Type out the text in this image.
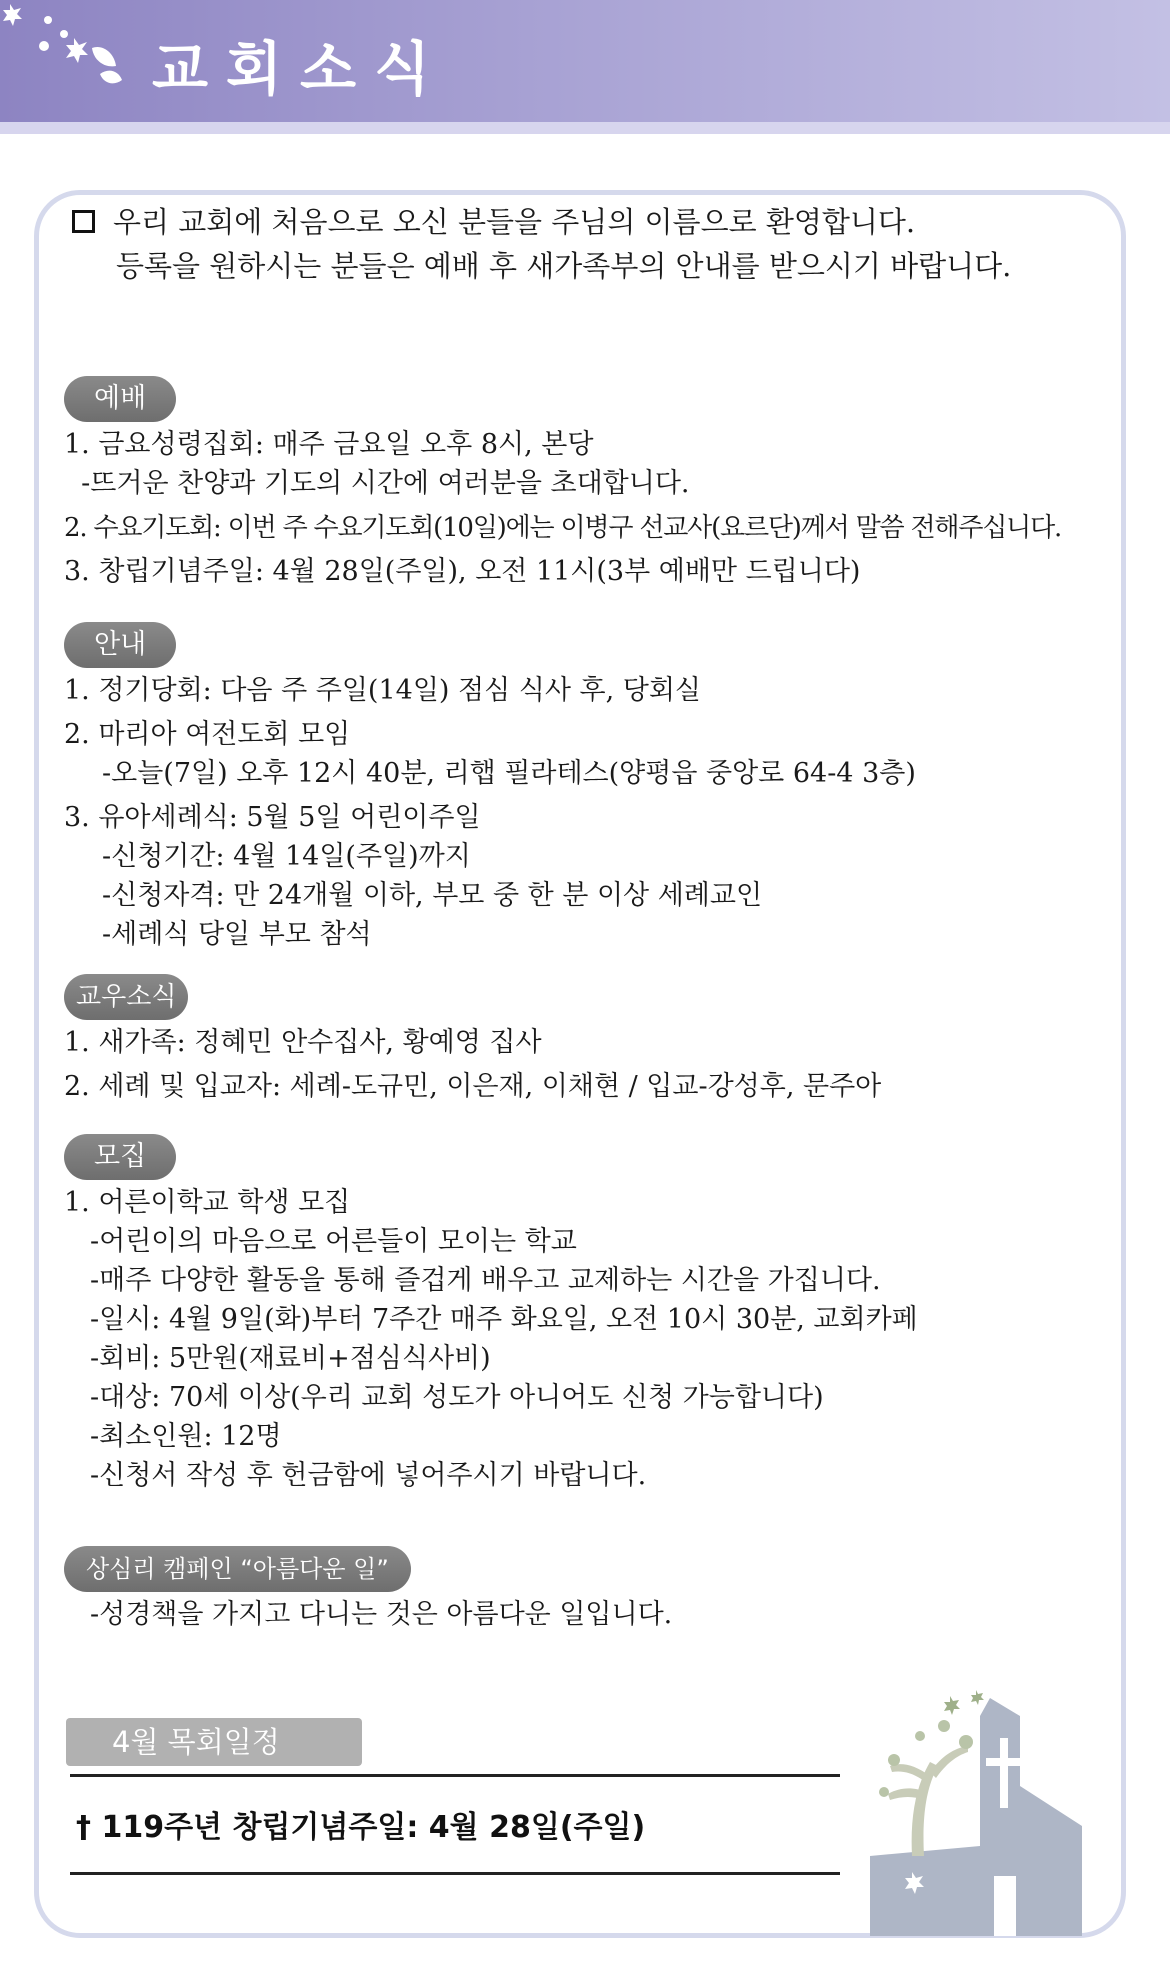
교회소식
우리 교회에 처음으로 오신 분들을 주님의 이름으로 환영합니다.
등록을 원하시는 분들은 예배 후 새가족부의 안내를 받으시기 바랍니다.
예배
1. 금요성령집회: 매주 금요일 오후 8시, 본당
-뜨거운 찬양과 기도의 시간에 여러분을 초대합니다.
2. 수요기도회: 이번 주 수요기도회(10일)에는 이병구 선교사(요르단)께서 말씀 전해주십니다.
3. 창립기념주일: 4월 28일(주일), 오전 11시(3부 예배만 드립니다)
안내
1. 정기당회: 다음 주 주일(14일) 점심 식사 후, 당회실
2. 마리아 여전도회 모임
-오늘(7일) 오후 12시 40분, 리햅 필라테스(양평읍 중앙로 64-4 3층)
3. 유아세례식: 5월 5일 어린이주일
-신청기간: 4월 14일(주일)까지
-신청자격: 만 24개월 이하, 부모 중 한 분 이상 세례교인
-세례식 당일 부모 참석
교우소식
1. 새가족: 정혜민 안수집사, 황예영 집사
2. 세례 및 입교자: 세례-도규민, 이은재, 이채현 / 입교-강성후, 문주아
모집
1. 어른이학교 학생 모집
-어린이의 마음으로 어른들이 모이는 학교
-매주 다양한 활동을 통해 즐겁게 배우고 교제하는 시간을 가집니다.
-일시: 4월 9일(화)부터 7주간 매주 화요일, 오전 10시 30분, 교회카페
-회비: 5만원(재료비+점심식사비)
-대상: 70세 이상(우리 교회 성도가 아니어도 신청 가능합니다)
-최소인원: 12명
-신청서 작성 후 헌금함에 넣어주시기 바랍니다.
상심리 캠페인 “아름다운 일”
-성경책을 가지고 다니는 것은 아름다운 일입니다.
4월 목회일정
† 119주년 창립기념주일: 4월 28일(주일)
